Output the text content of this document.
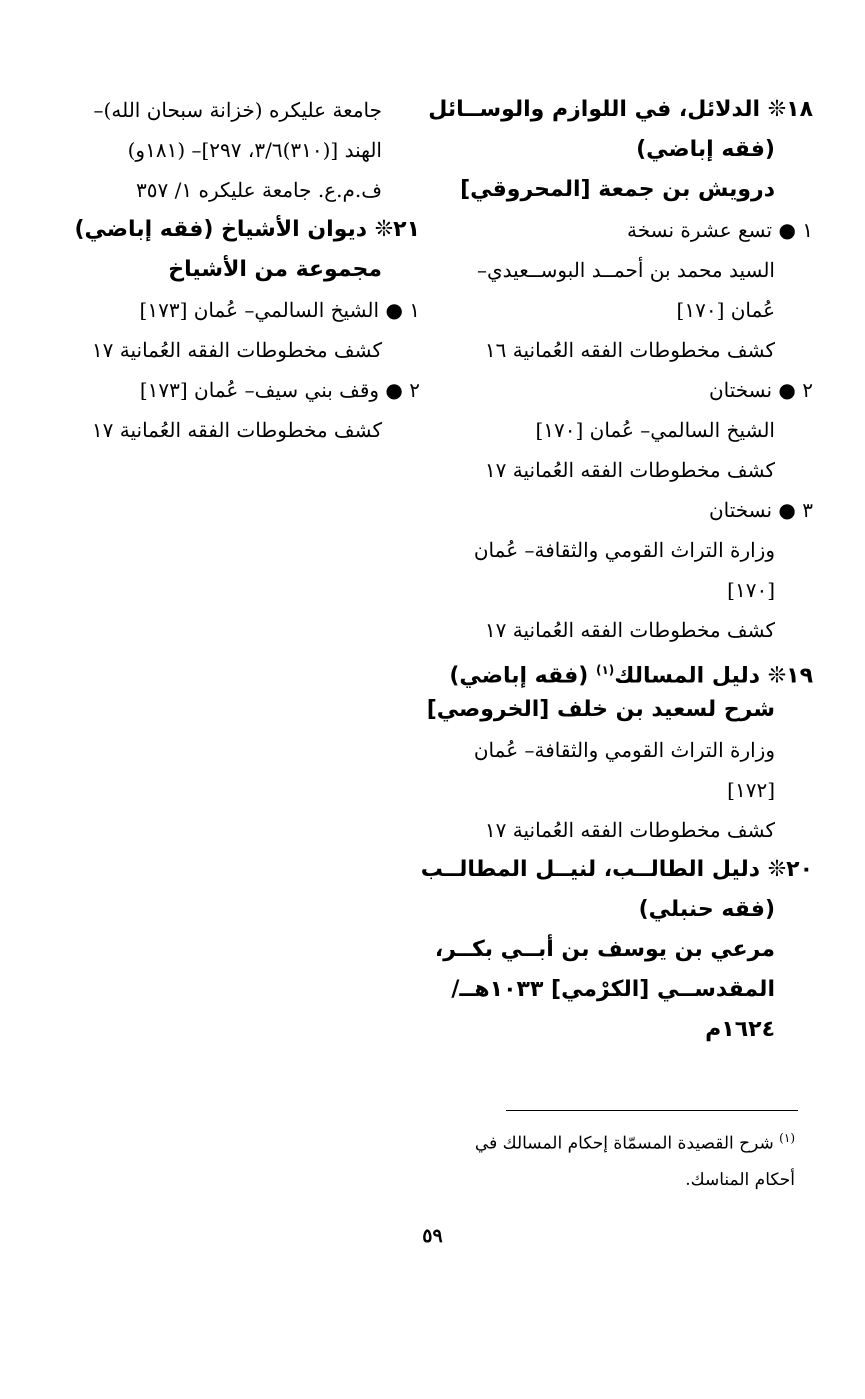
١٨❊ الدلائل، في اللوازم والوســائل
(فقه إباضي)
درويش بن جمعة [المحروقي]
١ ● تسع عشرة نسخة
السيد محمد بن أحمــد البوســعيدي–
عُمان [١٧٠]
كشف مخطوطات الفقه العُمانية ١٦
٢ ● نسختان
الشيخ السالمي– عُمان [١٧٠]
كشف مخطوطات الفقه العُمانية ١٧
٣ ● نسختان
وزارة التراث القومي والثقافة– عُمان
[١٧٠]
كشف مخطوطات الفقه العُمانية ١٧
١٩❊ دليل المسالك$^{(١)}$ (فقه إباضي)
شرح لسعيد بن خلف [الخروصي]
وزارة التراث القومي والثقافة– عُمان
[١٧٢]
كشف مخطوطات الفقه العُمانية ١٧
٢٠❊ دليل الطالــب، لنيــل المطالــب
(فقه حنبلي)
مرعي بن يوسف بن أبــي بكــر،
المقدســي [الكرْمي] ١٠٣٣هــ/
١٦٢٤م
جامعة عليكره (خزانة سبحان الله)–
الهند [(٣١٠)٣/٦، ٢٩٧]– (١٨١و)
ف.م.ع. جامعة عليكره ١/ ٣٥٧
٢١❊ ديوان الأشياخ (فقه إباضي)
مجموعة من الأشياخ
١ ● الشيخ السالمي– عُمان [١٧٣]
كشف مخطوطات الفقه العُمانية ١٧
٢ ● وقف بني سيف– عُمان [١٧٣]
كشف مخطوطات الفقه العُمانية ١٧
$^{(١)}$ شرح القصيدة المسمّاة إحكام المسالك في أحكام المناسك.
٥٩
